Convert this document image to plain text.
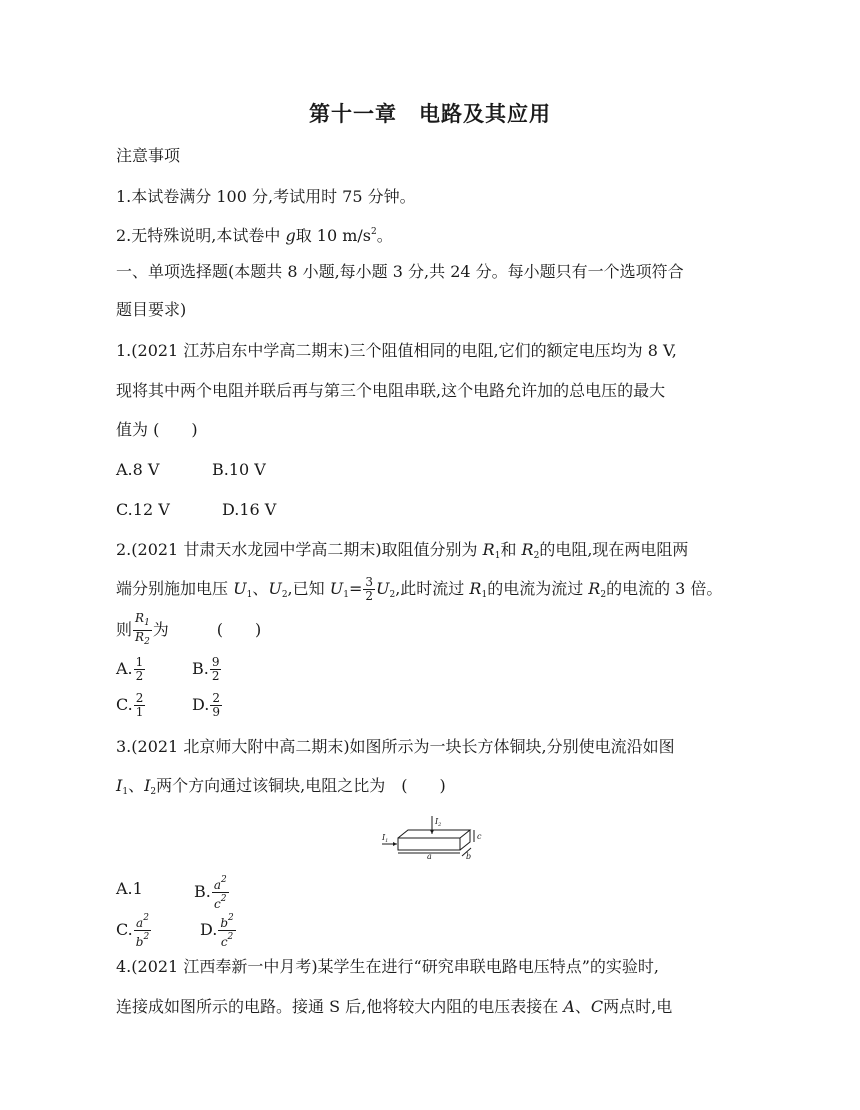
第十一章　电路及其应用
注意事项
1.本试卷满分 100 分,考试用时 75 分钟。
2.无特殊说明,本试卷中 g取 10 $m/s^2$。
一、单项选择题(本题共 8 小题,每小题 3 分,共 24 分。每小题只有一个选项符合
题目要求)
1.(2021 江苏启东中学高二期末)三个阻值相同的电阻,它们的额定电压均为 8 V,
现将其中两个电阻并联后再与第三个电阻串联,这个电路允许加的总电压的最大
值为 (　　)
A.8 V	B.10 V
C.12 V	D.16 V
2.(2021 甘肃天水龙园中学高二期末)取阻值分别为 $R_1$和 $R_2$的电阻,现在两电阻两
端分别施加电压 $U_1$、$U_2$,已知 $U_1= \frac{3}{2} U_2$,此时流过 $R_1$的电流为流过 $R_2$的电流的 3 倍。
则 $\frac{R_1}{R_2}$ 为　　　(　　)
A. $\frac{1}{2}$	B. $\frac{9}{2}$
C. $\frac{2}{1}$	D. $\frac{2}{9}$
3.(2021 北京师大附中高二期末)如图所示为一块长方体铜块,分别使电流沿如图
$I_1$、$I_2$两个方向通过该铜块,电阻之比为　(　　)
$I_1$
$I_2$
a	b
c
A.1	B. $\frac{a^2}{c^2}$
C. $\frac{a^2}{b^2}$	D. $\frac{b^2}{c^2}$
4.(2021 江西奉新一中月考)某学生在进行“研究串联电路电压特点”的实验时,
连接成如图所示的电路。接通 S 后,他将较大内阻的电压表接在 A、C两点时,电
